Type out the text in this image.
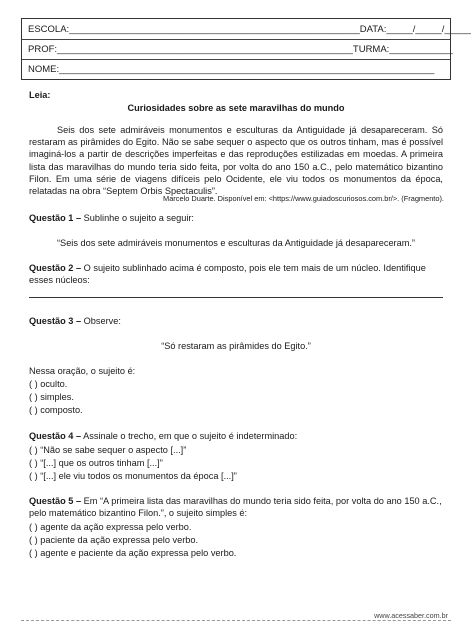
ESCOLA:_______________________________________________________DATA:_____/_____/_____
PROF:________________________________________________________TURMA:____________
NOME:_______________________________________________________________________
Leia:
Curiosidades sobre as sete maravilhas do mundo
Seis dos sete admiráveis monumentos e esculturas da Antiguidade já desapareceram. Só restaram as pirâmides do Egito. Não se sabe sequer o aspecto que os outros tinham, mas é possível imaginá-los a partir de descrições imperfeitas e das reproduções estilizadas em moedas. A primeira lista das maravilhas do mundo teria sido feita, por volta do ano 150 a.C., pelo matemático bizantino Filon. Em uma série de viagens difíceis pelo Ocidente, ele viu todos os monumentos da época, relatadas na obra “Septem Orbis Spectaculis”.
Marcelo Duarte. Disponível em: <https://www.guiadoscuriosos.com.br/>. (Fragmento).
Questão 1 – Sublinhe o sujeito a seguir:
“Seis dos sete admiráveis monumentos e esculturas da Antiguidade já desapareceram.”
Questão 2 – O sujeito sublinhado acima é composto, pois ele tem mais de um núcleo. Identifique esses núcleos:
Questão 3 – Observe:
“Só restaram as pirâmides do Egito.”
Nessa oração, o sujeito é:
( ) oculto.
( ) simples.
( ) composto.
Questão 4 – Assinale o trecho, em que o sujeito é indeterminado:
( ) “Não se sabe sequer o aspecto [...]”
( ) “[...] que os outros tinham [...]”
( ) “[...] ele viu todos os monumentos da época [...]”
Questão 5 – Em “A primeira lista das maravilhas do mundo teria sido feita, por volta do ano 150 a.C., pelo matemático bizantino Filon.”, o sujeito simples é:
( ) agente da ação expressa pelo verbo.
( ) paciente da ação expressa pelo verbo.
( ) agente e paciente da ação expressa pelo verbo.
www.acessaber.com.br
